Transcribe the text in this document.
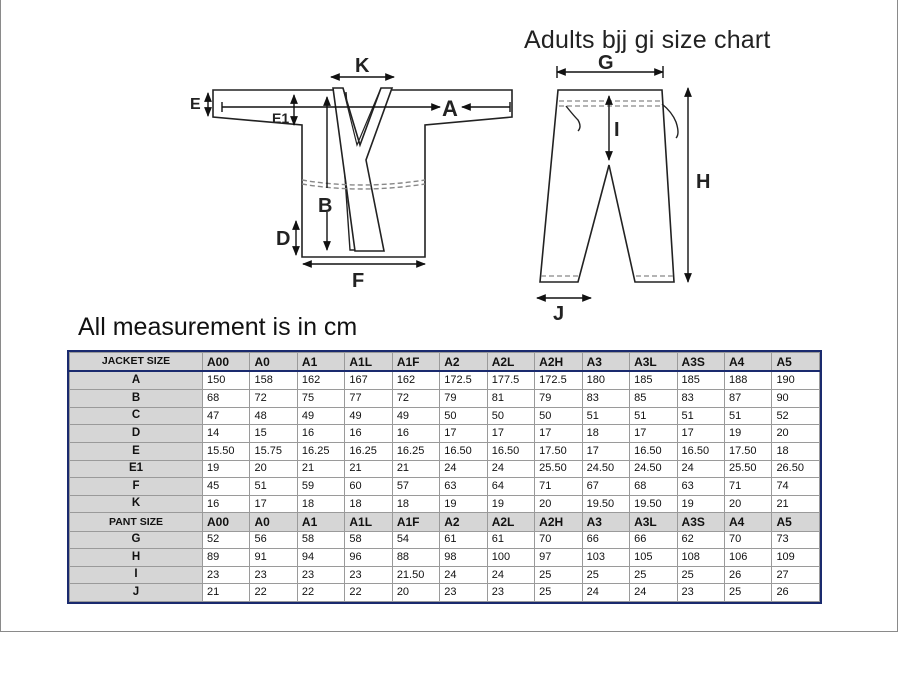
Adults bjj gi size chart
All measurement is in cm
K
E
E1	A
B
D
F
G
I
H
J
JACKET SIZE	A00	A0	A1	A1L	A1F	A2	A2L	A2H	A3	A3L	A3S	A4	A5
A	150	158	162	167	162	172.5	177.5	172.5	180	185	185	188	190
B	68	72	75	77	72	79	81	79	83	85	83	87	90
C	47	48	49	49	49	50	50	50	51	51	51	51	52
D	14	15	16	16	16	17	17	17	18	17	17	19	20
E	15.50	15.75	16.25	16.25	16.25	16.50	16.50	17.50	17	16.50	16.50	17.50	18
E1	19	20	21	21	21	24	24	25.50	24.50	24.50	24	25.50	26.50
F	45	51	59	60	57	63	64	71	67	68	63	71	74
K	16	17	18	18	18	19	19	20	19.50	19.50	19	20	21
PANT SIZE	A00	A0	A1	A1L	A1F	A2	A2L	A2H	A3	A3L	A3S	A4	A5
G	52	56	58	58	54	61	61	70	66	66	62	70	73
H	89	91	94	96	88	98	100	97	103	105	108	106	109
I	23	23	23	23	21.50	24	24	25	25	25	25	26	27
J	21	22	22	22	20	23	23	25	24	24	23	25	26
